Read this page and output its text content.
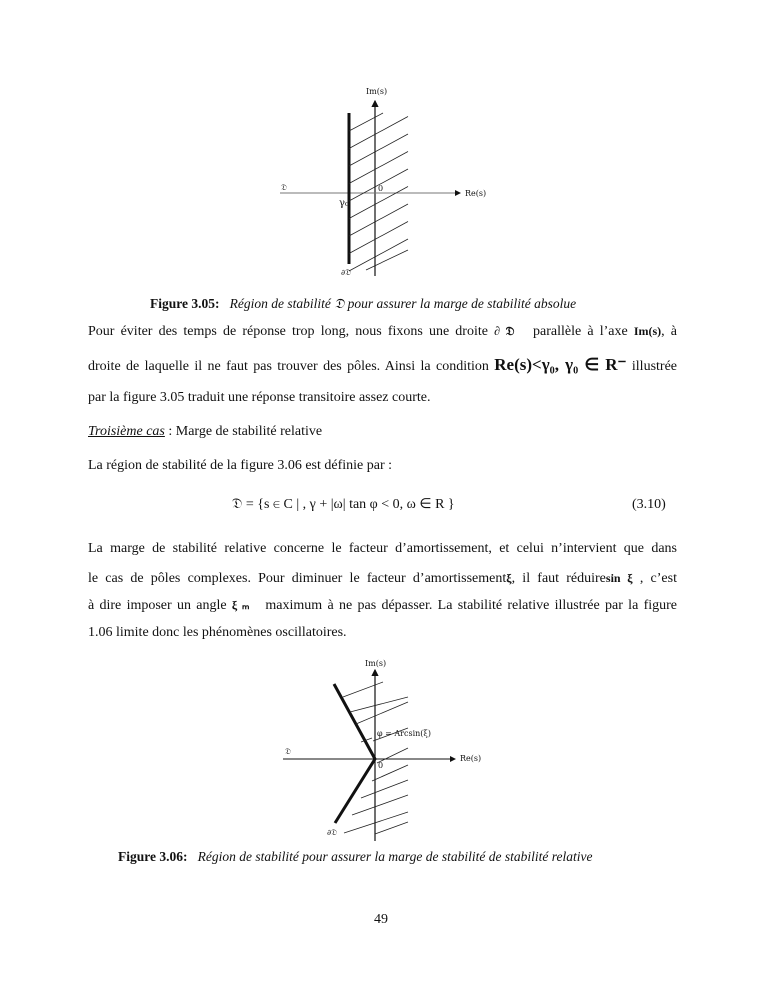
Im(s)
Re(s)
𝔇	0
γ₀
∂𝔇
Im(s)
Re(s)
𝔇
0
φ = Arcsin(ξ)
∂𝔇
Figure 3.05: Région de stabilité 𝔇 pour assurer la marge de stabilité absolue
Pour éviter des temps de réponse trop long, nous fixons une droite ∂ 𝔇 parallèle à l’axe Im(s), à
droite de laquelle il ne faut pas trouver des pôles. Ainsi la condition Re(s)<γ₀, γ₀ ∈ R⁻ illustrée
par la figure 3.05 traduit une réponse transitoire assez courte.
Troisième cas : Marge de stabilité relative
La région de stabilité de la figure 3.06 est définie par :
𝔇 = {s ∈ C | , γ + |ω| tan φ < 0, ω ∈ R }	(3.10)
La marge de stabilité relative concerne le facteur d’amortissement, et celui n’intervient que dans
le cas de pôles complexes. Pour diminuer le facteur d’amortissementξ, il faut réduiresin ξ , c’est
à dire imposer un angle ξ ₘ maximum à ne pas dépasser. La stabilité relative illustrée par la figure
1.06 limite donc les phénomènes oscillatoires.
Figure 3.06: Région de stabilité pour assurer la marge de stabilité de stabilité relative
49
